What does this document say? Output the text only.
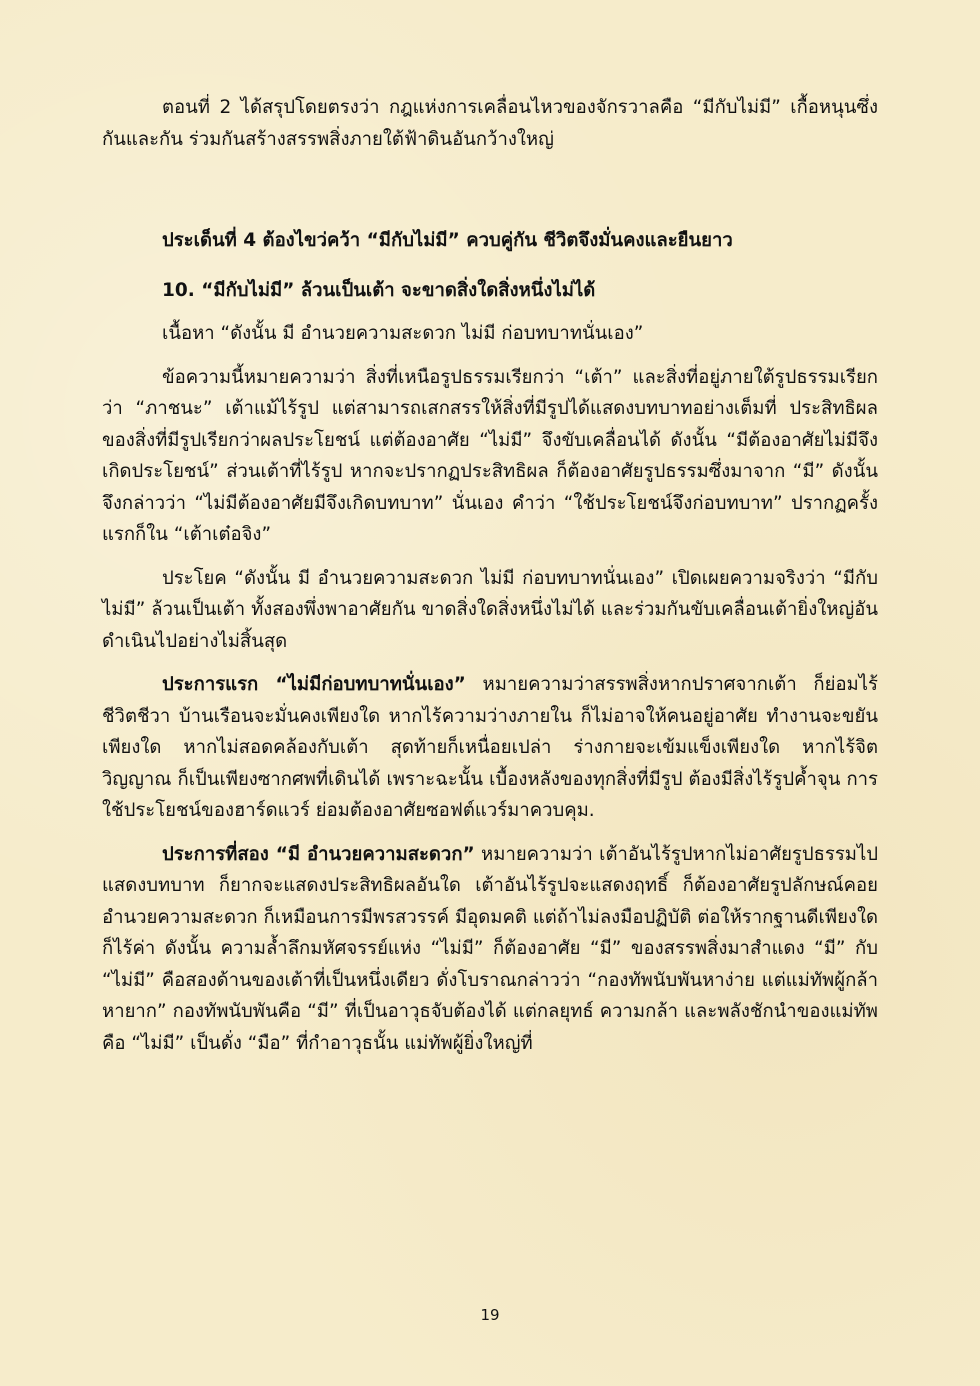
ตอนที่ 2 ได้สรุปโดยตรงว่า กฎแห่งการเคลื่อนไหวของจักรวาลคือ “มีกับไม่มี” เกื้อหนุนซึ่งกันและกัน ร่วมกันสร้างสรรพสิ่งภายใต้ฟ้าดินอันกว้างใหญ่

ประเด็นที่ 4 ต้องไขว่คว้า “มีกับไม่มี” ควบคู่กัน ชีวิตจึงมั่นคงและยืนยาว

10. “มีกับไม่มี” ล้วนเป็นเต้า จะขาดสิ่งใดสิ่งหนึ่งไม่ได้

เนื้อหา “ดังนั้น มี อำนวยความสะดวก ไม่มี ก่อบทบาทนั่นเอง”

ข้อความนี้หมายความว่า สิ่งที่เหนือรูปธรรมเรียกว่า “เต้า” และสิ่งที่อยู่ภายใต้รูปธรรมเรียกว่า “ภาชนะ” เต้าแม้ไร้รูป แต่สามารถเสกสรรให้สิ่งที่มีรูปได้แสดงบทบาทอย่างเต็มที่ ประสิทธิผลของสิ่งที่มีรูปเรียกว่าผลประโยชน์ แต่ต้องอาศัย “ไม่มี” จึงขับเคลื่อนได้ ดังนั้น “มีต้องอาศัยไม่มีจึงเกิดประโยชน์” ส่วนเต้าที่ไร้รูป หากจะปรากฏประสิทธิผล ก็ต้องอาศัยรูปธรรมซึ่งมาจาก “มี” ดังนั้น จึงกล่าวว่า “ไม่มีต้องอาศัยมีจึงเกิดบทบาท” นั่นเอง คำว่า “ใช้ประโยชน์จึงก่อบทบาท” ปรากฏครั้งแรกก็ใน “เต้าเต๋อจิง”

ประโยค “ดังนั้น มี อำนวยความสะดวก ไม่มี ก่อบทบาทนั่นเอง” เปิดเผยความจริงว่า “มีกับไม่มี” ล้วนเป็นเต้า ทั้งสองพึ่งพาอาศัยกัน ขาดสิ่งใดสิ่งหนึ่งไม่ได้ และร่วมกันขับเคลื่อนเต้ายิ่งใหญ่อันดำเนินไปอย่างไม่สิ้นสุด

ประการแรก “ไม่มีก่อบทบาทนั่นเอง” หมายความว่าสรรพสิ่งหากปราศจากเต้า ก็ย่อมไร้ชีวิตชีวา บ้านเรือนจะมั่นคงเพียงใด หากไร้ความว่างภายใน ก็ไม่อาจให้คนอยู่อาศัย ทำงานจะขยันเพียงใด หากไม่สอดคล้องกับเต้า สุดท้ายก็เหนื่อยเปล่า ร่างกายจะเข้มแข็งเพียงใด หากไร้จิตวิญญาณ ก็เป็นเพียงซากศพที่เดินได้ เพราะฉะนั้น เบื้องหลังของทุกสิ่งที่มีรูป ต้องมีสิ่งไร้รูปค้ำจุน การใช้ประโยชน์ของฮาร์ดแวร์ ย่อมต้องอาศัยซอฟต์แวร์มาควบคุม.

ประการที่สอง “มี อำนวยความสะดวก” หมายความว่า เต้าอันไร้รูปหากไม่อาศัยรูปธรรมไปแสดงบทบาท ก็ยากจะแสดงประสิทธิผลอันใด เต้าอันไร้รูปจะแสดงฤทธิ์ ก็ต้องอาศัยรูปลักษณ์คอยอำนวยความสะดวก ก็เหมือนการมีพรสวรรค์ มีอุดมคติ แต่ถ้าไม่ลงมือปฏิบัติ ต่อให้รากฐานดีเพียงใดก็ไร้ค่า ดังนั้น ความล้ำลึกมหัศจรรย์แห่ง “ไม่มี” ก็ต้องอาศัย “มี” ของสรรพสิ่งมาสำแดง “มี” กับ “ไม่มี” คือสองด้านของเต้าที่เป็นหนึ่งเดียว ดั่งโบราณกล่าวว่า “กองทัพนับพันหาง่าย แต่แม่ทัพผู้กล้าหายาก” กองทัพนับพันคือ “มี” ที่เป็นอาวุธจับต้องได้ แต่กลยุทธ์ ความกล้า และพลังชักนำของแม่ทัพ คือ “ไม่มี” เป็นดั่ง “มือ” ที่กำอาวุธนั้น แม่ทัพผู้ยิ่งใหญ่ที่

19
